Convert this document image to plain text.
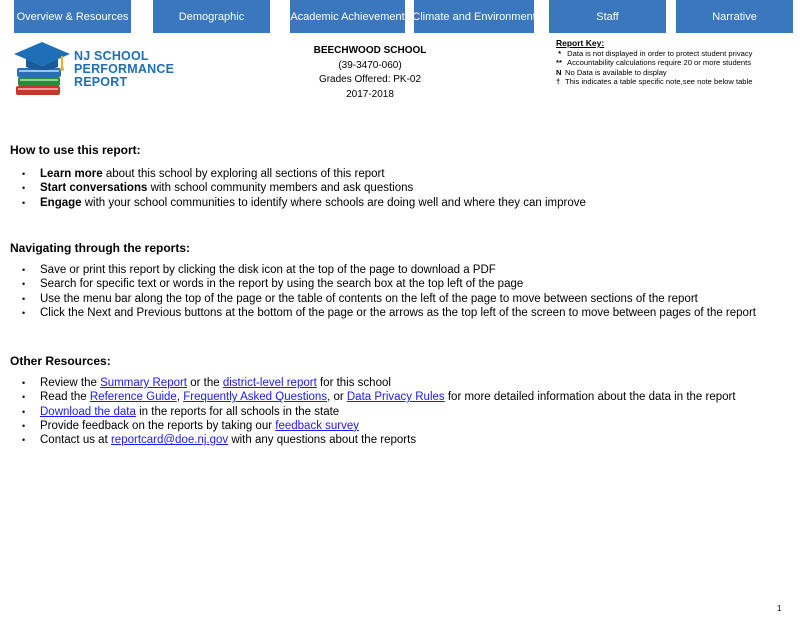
Overview & Resources	Demographic	Academic Achievement Climate and Environment	Staff	Narrative
NJ SCHOOL
PERFORMANCE
REPORT
BEECHWOOD SCHOOL
(39-3470-060)
Grades Offered: PK-02
2017-2018
Report Key:
* Data is not displayed in order to protect student privacy
** Accountability calculations require 20 or more students
N No Data is available to display
† This indicates a table specific note,see note below table
How to use this report:
• Learn more about this school by exploring all sections of this report
• Start conversations with school community members and ask questions
• Engage with your school communities to identify where schools are doing well and where they can improve
Navigating through the reports:
• Save or print this report by clicking the disk icon at the top of the page to download a PDF
• Search for specific text or words in the report by using the search box at the top left of the page
• Use the menu bar along the top of the page or the table of contents on the left of the page to move between sections of the report
• Click the Next and Previous buttons at the bottom of the page or the arrows as the top left of the screen to move between pages of the report
Other Resources:
• Review the Summary Report or the district-level report for this school
• Read the Reference Guide, Frequently Asked Questions, or Data Privacy Rules for more detailed information about the data in the report
• Download the data in the reports for all schools in the state
• Provide feedback on the reports by taking our feedback survey
• Contact us at reportcard@doe.nj.gov with any questions about the reports
1
